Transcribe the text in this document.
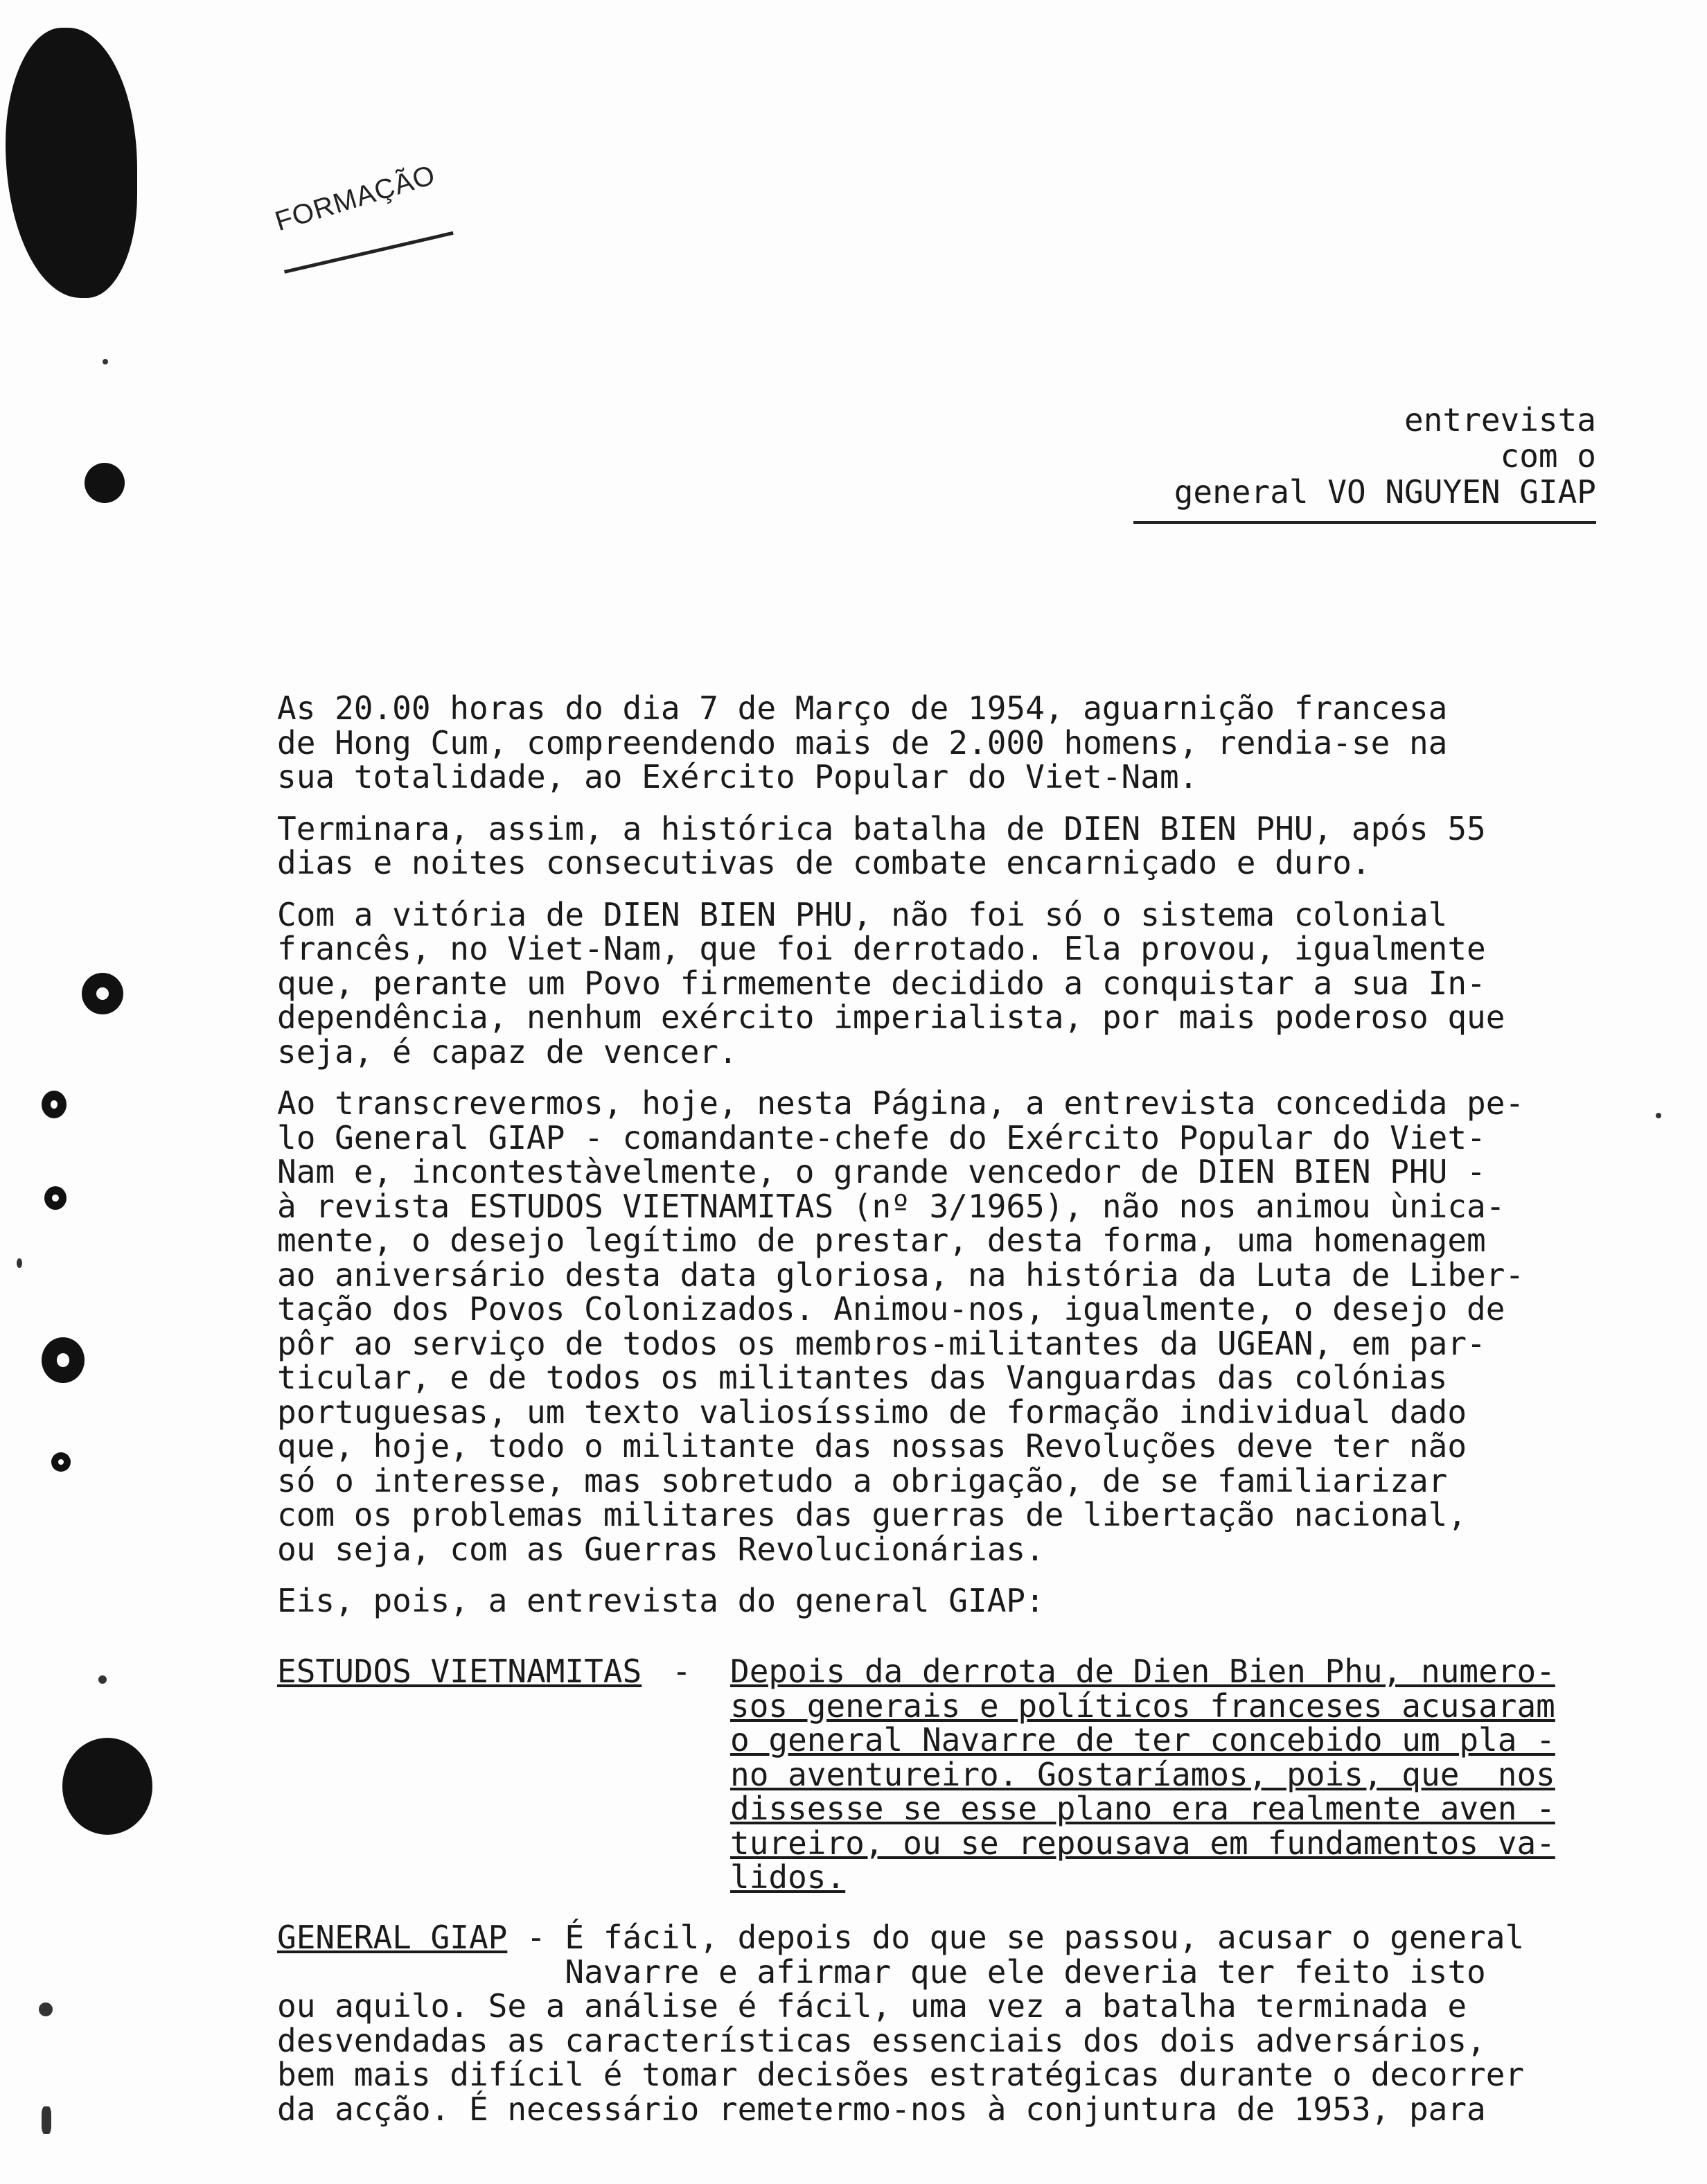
FORMAÇÃO
entrevista
com o
general VO NGUYEN GIAP

As 20.00 horas do dia 7 de Março de 1954, aguarnição francesa
de Hong Cum, compreendendo mais de 2.000 homens, rendia-se na
sua totalidade, ao Exército Popular do Viet-Nam.

Terminara, assim, a histórica batalha de DIEN BIEN PHU, após 55
dias e noites consecutivas de combate encarniçado e duro.

Com a vitória de DIEN BIEN PHU, não foi só o sistema colonial
francês, no Viet-Nam, que foi derrotado. Ela provou, igualmente
que, perante um Povo firmemente decidido a conquistar a sua In-
dependência, nenhum exército imperialista, por mais poderoso que
seja, é capaz de vencer.

Ao transcrevermos, hoje, nesta Página, a entrevista concedida pe-
lo General GIAP - comandante-chefe do Exército Popular do Viet-
Nam e, incontestàvelmente, o grande vencedor de DIEN BIEN PHU -
à revista ESTUDOS VIETNAMITAS (nº 3/1965), não nos animou ùnica-
mente, o desejo legítimo de prestar, desta forma, uma homenagem
ao aniversário desta data gloriosa, na história da Luta de Liber-
tação dos Povos Colonizados. Animou-nos, igualmente, o desejo de
pôr ao serviço de todos os membros-militantes da UGEAN, em par-
ticular, e de todos os militantes das Vanguardas das colónias
portuguesas, um texto valiosíssimo de formação individual dado
que, hoje, todo o militante das nossas Revoluções deve ter não
só o interesse, mas sobretudo a obrigação, de se familiarizar
com os problemas militares das guerras de libertação nacional,
ou seja, com as Guerras Revolucionárias.

Eis, pois, a entrevista do general GIAP:

ESTUDOS VIETNAMITAS - Depois da derrota de Dien Bien Phu, numero-
sos generais e políticos franceses acusaram
o general Navarre de ter concebido um pla -
no aventureiro. Gostaríamos, pois, que  nos
dissesse se esse plano era realmente aven -
tureiro, ou se repousava em fundamentos va-
lidos.
GENERAL GIAP - É fácil, depois do que se passou, acusar o general
Navarre e afirmar que ele deveria ter feito isto
ou aquilo. Se a análise é fácil, uma vez a batalha terminada e
desvendadas as características essenciais dos dois adversários,
bem mais difícil é tomar decisões estratégicas durante o decorrer
da acção. É necessário remetermo-nos à conjuntura de 1953, para
